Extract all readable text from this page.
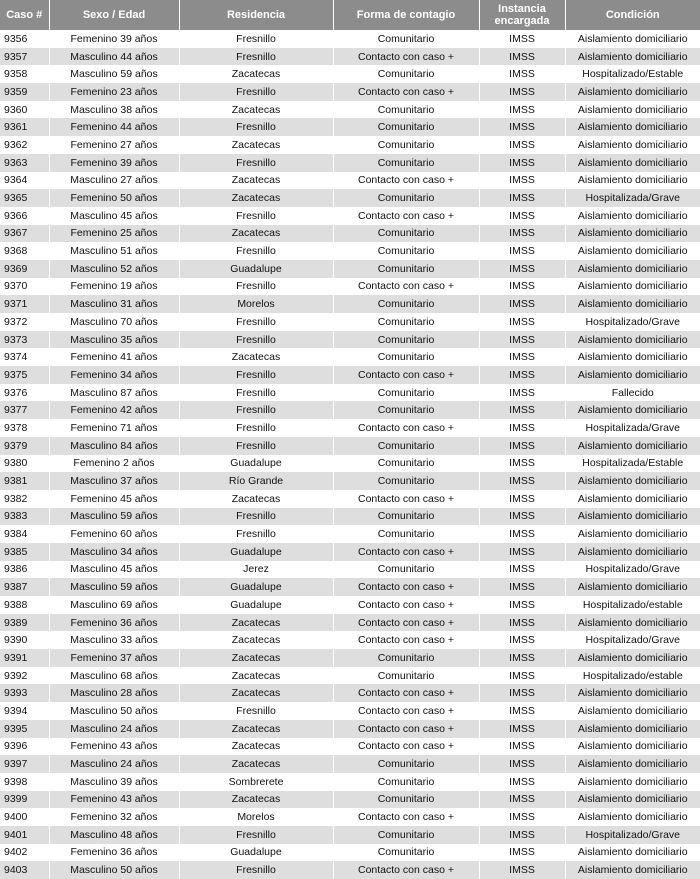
Caso #	Sexo / Edad	Residencia	Forma de contagio	Instancia encargada	Condición
9356	Femenino 39 años	Fresnillo	Comunitario	IMSS	Aislamiento domiciliario
9357	Masculino 44 años	Fresnillo	Contacto con caso +	IMSS	Aislamiento domiciliario
9358	Masculino 59 años	Zacatecas	Comunitario	IMSS	Hospitalizado/Estable
9359	Femenino 23 años	Fresnillo	Contacto con caso +	IMSS	Aislamiento domiciliario
9360	Masculino 38 años	Zacatecas	Comunitario	IMSS	Aislamiento domiciliario
9361	Femenino 44 años	Fresnillo	Comunitario	IMSS	Aislamiento domiciliario
9362	Femenino 27 años	Zacatecas	Comunitario	IMSS	Aislamiento domiciliario
9363	Femenino 39 años	Fresnillo	Comunitario	IMSS	Aislamiento domiciliario
9364	Masculino 27 años	Zacatecas	Contacto con caso +	IMSS	Aislamiento domiciliario
9365	Femenino 50 años	Zacatecas	Comunitario	IMSS	Hospitalizada/Grave
9366	Masculino 45 años	Fresnillo	Contacto con caso +	IMSS	Aislamiento domiciliario
9367	Femenino 25 años	Zacatecas	Comunitario	IMSS	Aislamiento domiciliario
9368	Masculino 51 años	Fresnillo	Comunitario	IMSS	Aislamiento domiciliario
9369	Masculino 52 años	Guadalupe	Comunitario	IMSS	Aislamiento domiciliario
9370	Femenino 19 años	Fresnillo	Contacto con caso +	IMSS	Aislamiento domiciliario
9371	Masculino 31 años	Morelos	Comunitario	IMSS	Aislamiento domiciliario
9372	Masculino 70 años	Fresnillo	Comunitario	IMSS	Hospitalizado/Grave
9373	Masculino 35 años	Fresnillo	Comunitario	IMSS	Aislamiento domiciliario
9374	Femenino 41 años	Zacatecas	Comunitario	IMSS	Aislamiento domiciliario
9375	Femenino 34 años	Fresnillo	Contacto con caso +	IMSS	Aislamiento domiciliario
9376	Masculino 87 años	Fresnillo	Comunitario	IMSS	Fallecido
9377	Femenino 42 años	Fresnillo	Comunitario	IMSS	Aislamiento domiciliario
9378	Femenino 71 años	Fresnillo	Contacto con caso +	IMSS	Hospitalizada/Grave
9379	Masculino 84 años	Fresnillo	Comunitario	IMSS	Aislamiento domiciliario
9380	Femenino 2 años	Guadalupe	Comunitario	IMSS	Hospitalizada/Estable
9381	Masculino 37 años	Río Grande	Comunitario	IMSS	Aislamiento domiciliario
9382	Femenino 45 años	Zacatecas	Contacto con caso +	IMSS	Aislamiento domiciliario
9383	Masculino 59 años	Fresnillo	Comunitario	IMSS	Aislamiento domiciliario
9384	Femenino 60 años	Fresnillo	Comunitario	IMSS	Aislamiento domiciliario
9385	Masculino 34 años	Guadalupe	Contacto con caso +	IMSS	Aislamiento domiciliario
9386	Masculino 45 años	Jerez	Comunitario	IMSS	Hospitalizado/Grave
9387	Masculino 59 años	Guadalupe	Contacto con caso +	IMSS	Aislamiento domiciliario
9388	Masculino 69 años	Guadalupe	Contacto con caso +	IMSS	Hospitalizado/estable
9389	Femenino 36 años	Zacatecas	Contacto con caso +	IMSS	Aislamiento domiciliario
9390	Masculino 33 años	Zacatecas	Contacto con caso +	IMSS	Hospitalizado/Grave
9391	Femenino 37 años	Zacatecas	Comunitario	IMSS	Aislamiento domiciliario
9392	Masculino 68 años	Zacatecas	Comunitario	IMSS	Hospitalizado/estable
9393	Masculino 28 años	Zacatecas	Contacto con caso +	IMSS	Aislamiento domiciliario
9394	Masculino 50 años	Fresnillo	Contacto con caso +	IMSS	Aislamiento domiciliario
9395	Masculino 24 años	Zacatecas	Contacto con caso +	IMSS	Aislamiento domiciliario
9396	Femenino 43 años	Zacatecas	Contacto con caso +	IMSS	Aislamiento domiciliario
9397	Masculino 24 años	Zacatecas	Comunitario	IMSS	Aislamiento domiciliario
9398	Masculino 39 años	Sombrerete	Comunitario	IMSS	Aislamiento domiciliario
9399	Femenino 43 años	Zacatecas	Comunitario	IMSS	Aislamiento domiciliario
9400	Femenino 32 años	Morelos	Contacto con caso +	IMSS	Aislamiento domiciliario
9401	Masculino 48 años	Fresnillo	Comunitario	IMSS	Hospitalizado/Grave
9402	Femenino 36 años	Guadalupe	Comunitario	IMSS	Aislamiento domiciliario
9403	Masculino 50 años	Fresnillo	Contacto con caso +	IMSS	Aislamiento domiciliario
